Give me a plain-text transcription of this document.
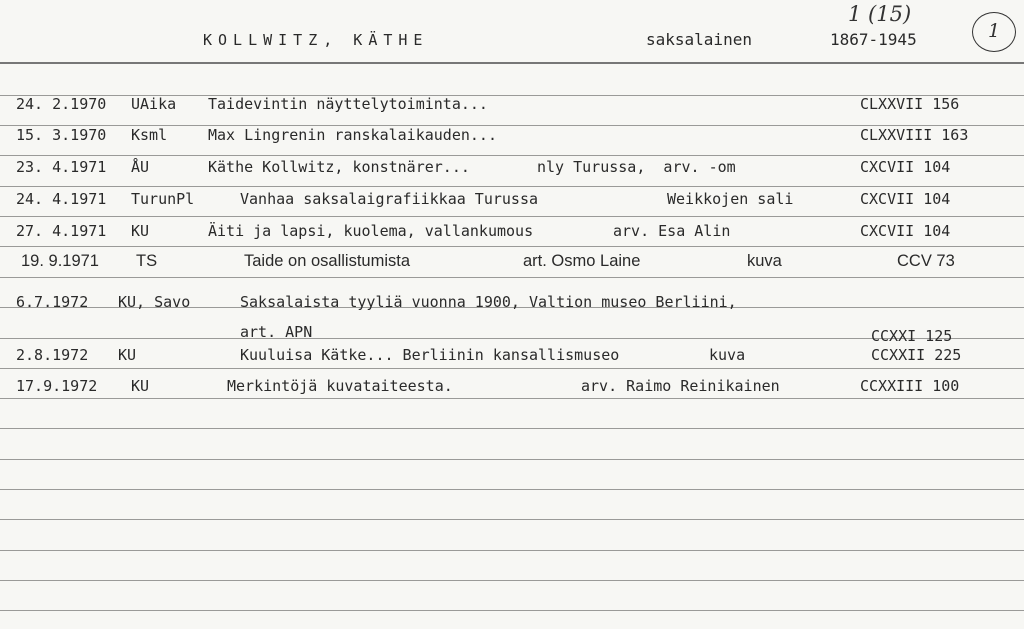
KOLLWITZ, KÄTHE	saksalainen	1867-1945
1 (15)
1
24. 2.1970 UAika Taidevintin näyttelytoiminta...	CLXXVII 156
15. 3.1970 Ksml	Max Lingrenin ranskalaikauden...	CLXXVIII 163
23. 4.1971 ÅU	Käthe Kollwitz, konstnärer...	nly Turussa,  arv. -om	CXCVII 104
24. 4.1971 TurunPl	Vanhaa saksalaigrafiikkaa Turussa	Weikkojen sali	CXCVII 104
27. 4.1971 KU	Äiti ja lapsi, kuolema, vallankumous	arv. Esa Alin	CXCVII 104
19. 9.1971 TS	Taide on osallistumista	art. Osmo Laine	kuva	CCV 73
6.7.1972 KU, Savo	Saksalaista tyyliä vuonna 1900, Valtion museo Berliini,
art. APN	CCXXI 125
2.8.1972 KU	Kuuluisa Kätke... Berliinin kansallismuseo	kuva	CCXXII 225
17.9.1972 KU	Merkintöjä kuvataiteesta.	arv. Raimo Reinikainen	CCXXIII 100
